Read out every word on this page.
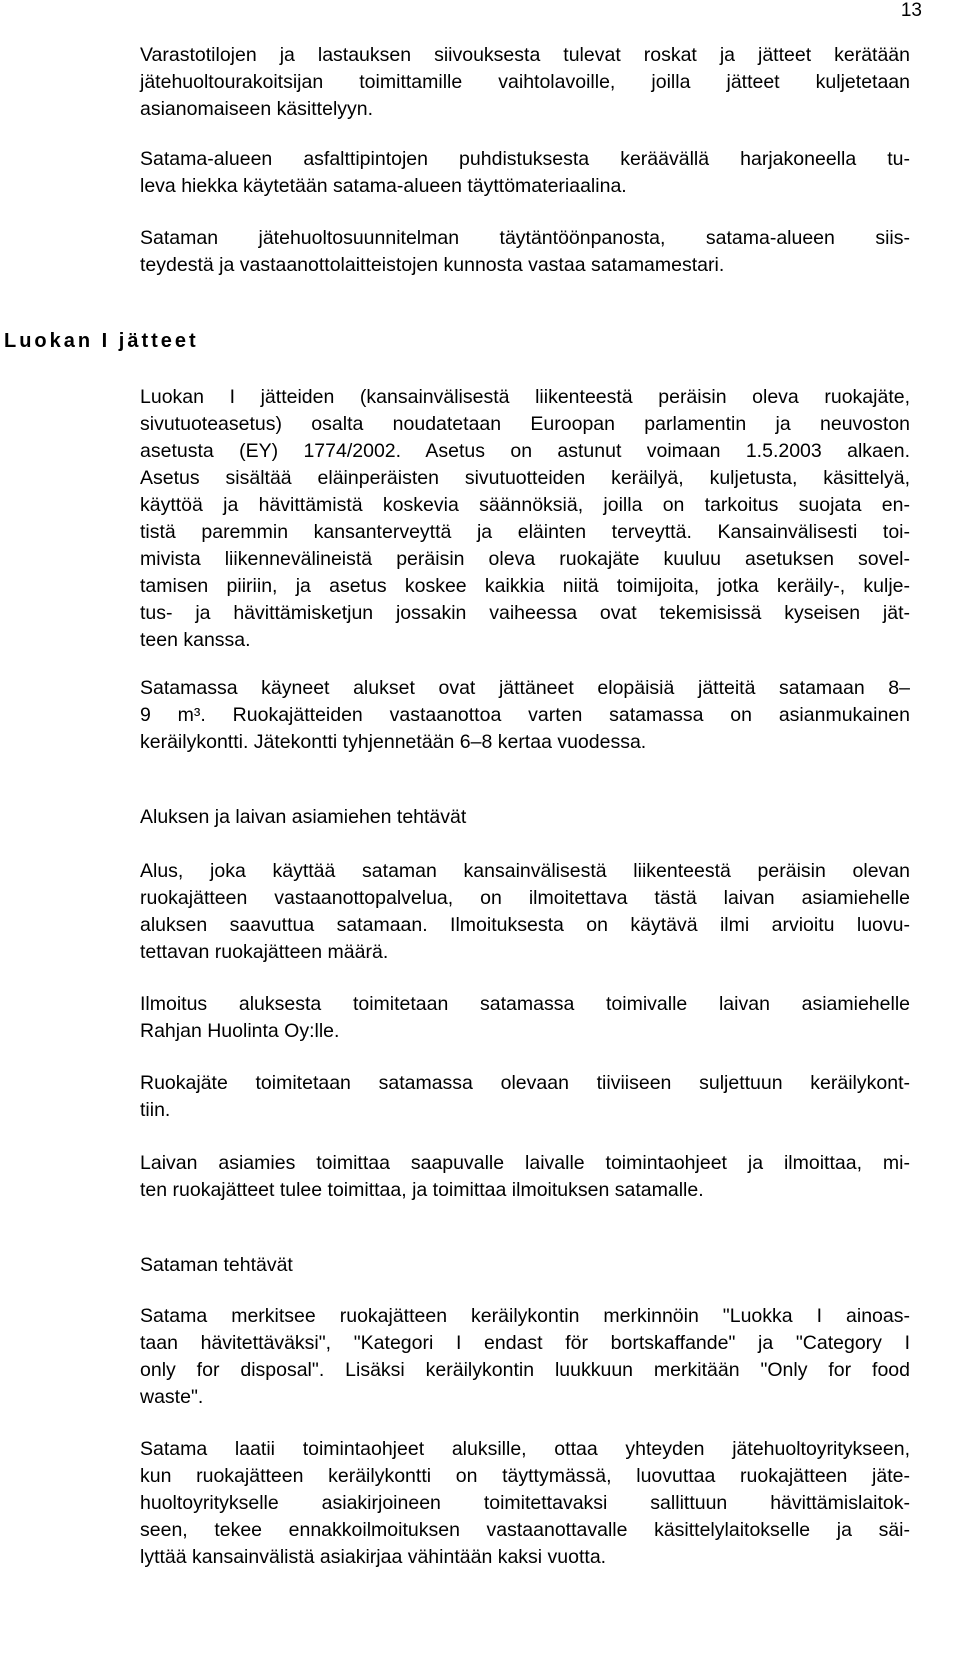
13

Varastotilojen ja lastauksen siivouksesta tulevat roskat ja jätteet kerätään
jätehuoltourakoitsijan toimittamille vaihtolavoille, joilla jätteet kuljetetaan
asianomaiseen käsittelyyn.

Satama-alueen asfalttipintojen puhdistuksesta keräävällä harjakoneella tu-
leva hiekka käytetään satama-alueen täyttömateriaalina.

Sataman jätehuoltosuunnitelman täytäntöönpanosta, satama-alueen siis-
teydestä ja vastaanottolaitteistojen kunnosta vastaa satamamestari.

Luokan I jätteet

Luokan I jätteiden (kansainvälisestä liikenteestä peräisin oleva ruokajäte,
sivutuoteasetus) osalta noudatetaan Euroopan parlamentin ja neuvoston
asetusta (EY) 1774/2002. Asetus on astunut voimaan 1.5.2003 alkaen.
Asetus sisältää eläinperäisten sivutuotteiden keräilyä, kuljetusta, käsittelyä,
käyttöä ja hävittämistä koskevia säännöksiä, joilla on tarkoitus suojata en-
tistä paremmin kansanterveyttä ja eläinten terveyttä. Kansainvälisesti toi-
mivista liikennevälineistä peräisin oleva ruokajäte kuuluu asetuksen sovel-
tamisen piiriin, ja asetus koskee kaikkia niitä toimijoita, jotka keräily-, kulje-
tus- ja hävittämisketjun jossakin vaiheessa ovat tekemisissä kyseisen jät-
teen kanssa.

Satamassa käyneet alukset ovat jättäneet elopäisiä jätteitä satamaan 8–
9 m³. Ruokajätteiden vastaanottoa varten satamassa on asianmukainen
keräilykontti. Jätekontti tyhjennetään 6–8 kertaa vuodessa.

Aluksen ja laivan asiamiehen tehtävät

Alus, joka käyttää sataman kansainvälisestä liikenteestä peräisin olevan
ruokajätteen vastaanottopalvelua, on ilmoitettava tästä laivan asiamiehelle
aluksen saavuttua satamaan. Ilmoituksesta on käytävä ilmi arvioitu luovu-
tettavan ruokajätteen määrä.

Ilmoitus aluksesta toimitetaan satamassa toimivalle laivan asiamiehelle
Rahjan Huolinta Oy:lle.

Ruokajäte toimitetaan satamassa olevaan tiiviiseen suljettuun keräilykont-
tiin.

Laivan asiamies toimittaa saapuvalle laivalle toimintaohjeet ja ilmoittaa, mi-
ten ruokajätteet tulee toimittaa, ja toimittaa ilmoituksen satamalle.

Sataman tehtävät

Satama merkitsee ruokajätteen keräilykontin merkinnöin "Luokka I ainoas-
taan hävitettäväksi", "Kategori I endast för bortskaffande" ja "Category I
only for disposal". Lisäksi keräilykontin luukkuun merkitään "Only for food
waste".

Satama laatii toimintaohjeet aluksille, ottaa yhteyden jätehuoltoyritykseen,
kun ruokajätteen keräilykontti on täyttymässä, luovuttaa ruokajätteen jäte-
huoltoyritykselle asiakirjoineen toimitettavaksi sallittuun hävittämislaitok-
seen, tekee ennakkoilmoituksen vastaanottavalle käsittelylaitokselle ja säi-
lyttää kansainvälistä asiakirjaa vähintään kaksi vuotta.
